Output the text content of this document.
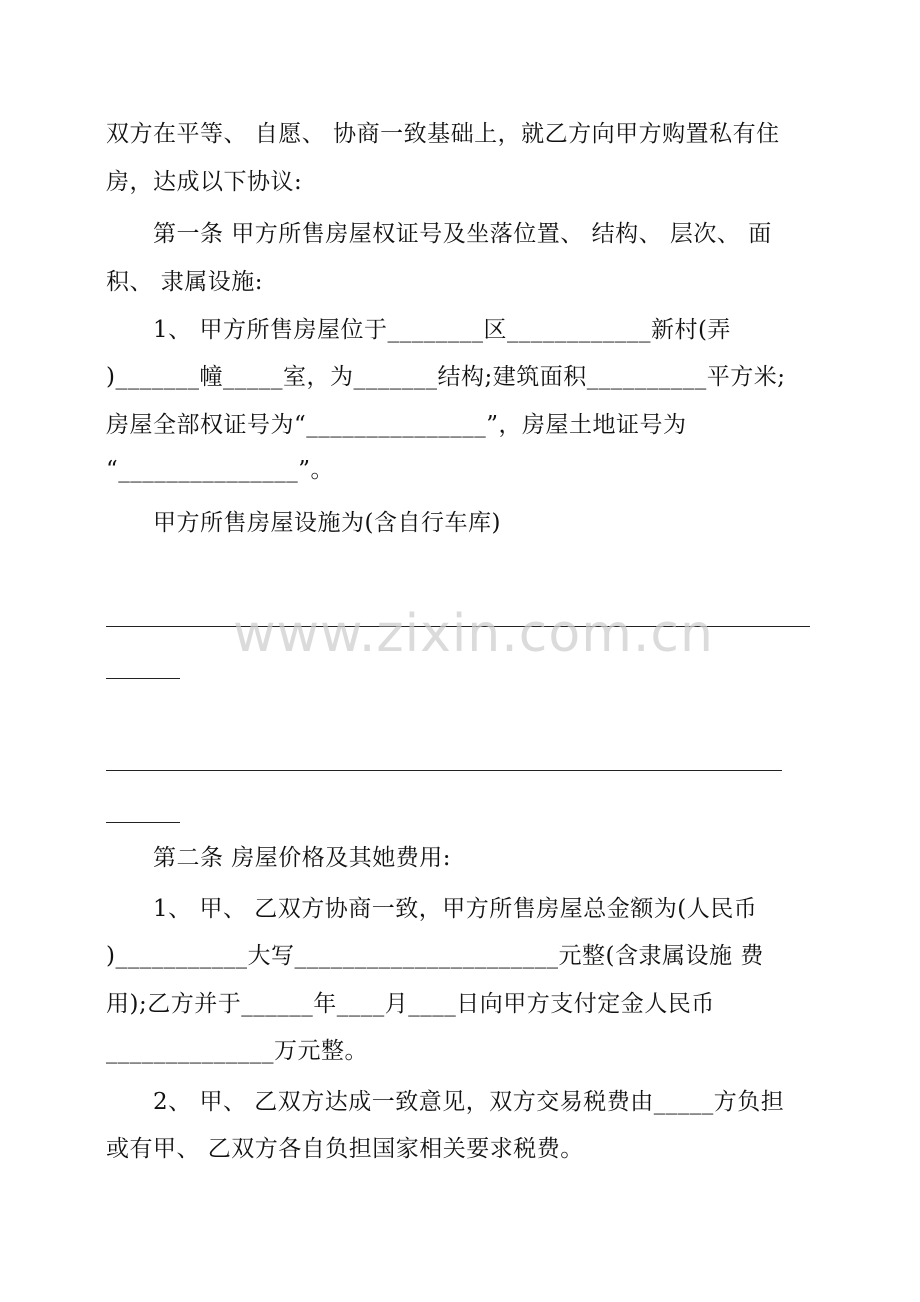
双方在平等、 自愿、 协商一致基础上，就乙方向甲方购置私有住
房，达成以下协议:
第一条 甲方所售房屋权证号及坐落位置、 结构、 层次、 面
积、 隶属设施:
1、 甲方所售房屋位于________区____________新村(弄
)_______幢_____室，为_______结构;建筑面积__________平方米;
房屋全部权证号为“_______________”，房屋土地证号为
“_______________”。
甲方所售房屋设施为(含自行车库)
第二条 房屋价格及其她费用:
1、 甲、 乙双方协商一致，甲方所售房屋总金额为(人民币
)___________大写______________________元整(含隶属设施 费
用);乙方并于______年____月____日向甲方支付定金人民币
______________万元整。
2、 甲、 乙双方达成一致意见，双方交易税费由_____方负担
或有甲、 乙双方各自负担国家相关要求税费。
www.zixin.com.cn
